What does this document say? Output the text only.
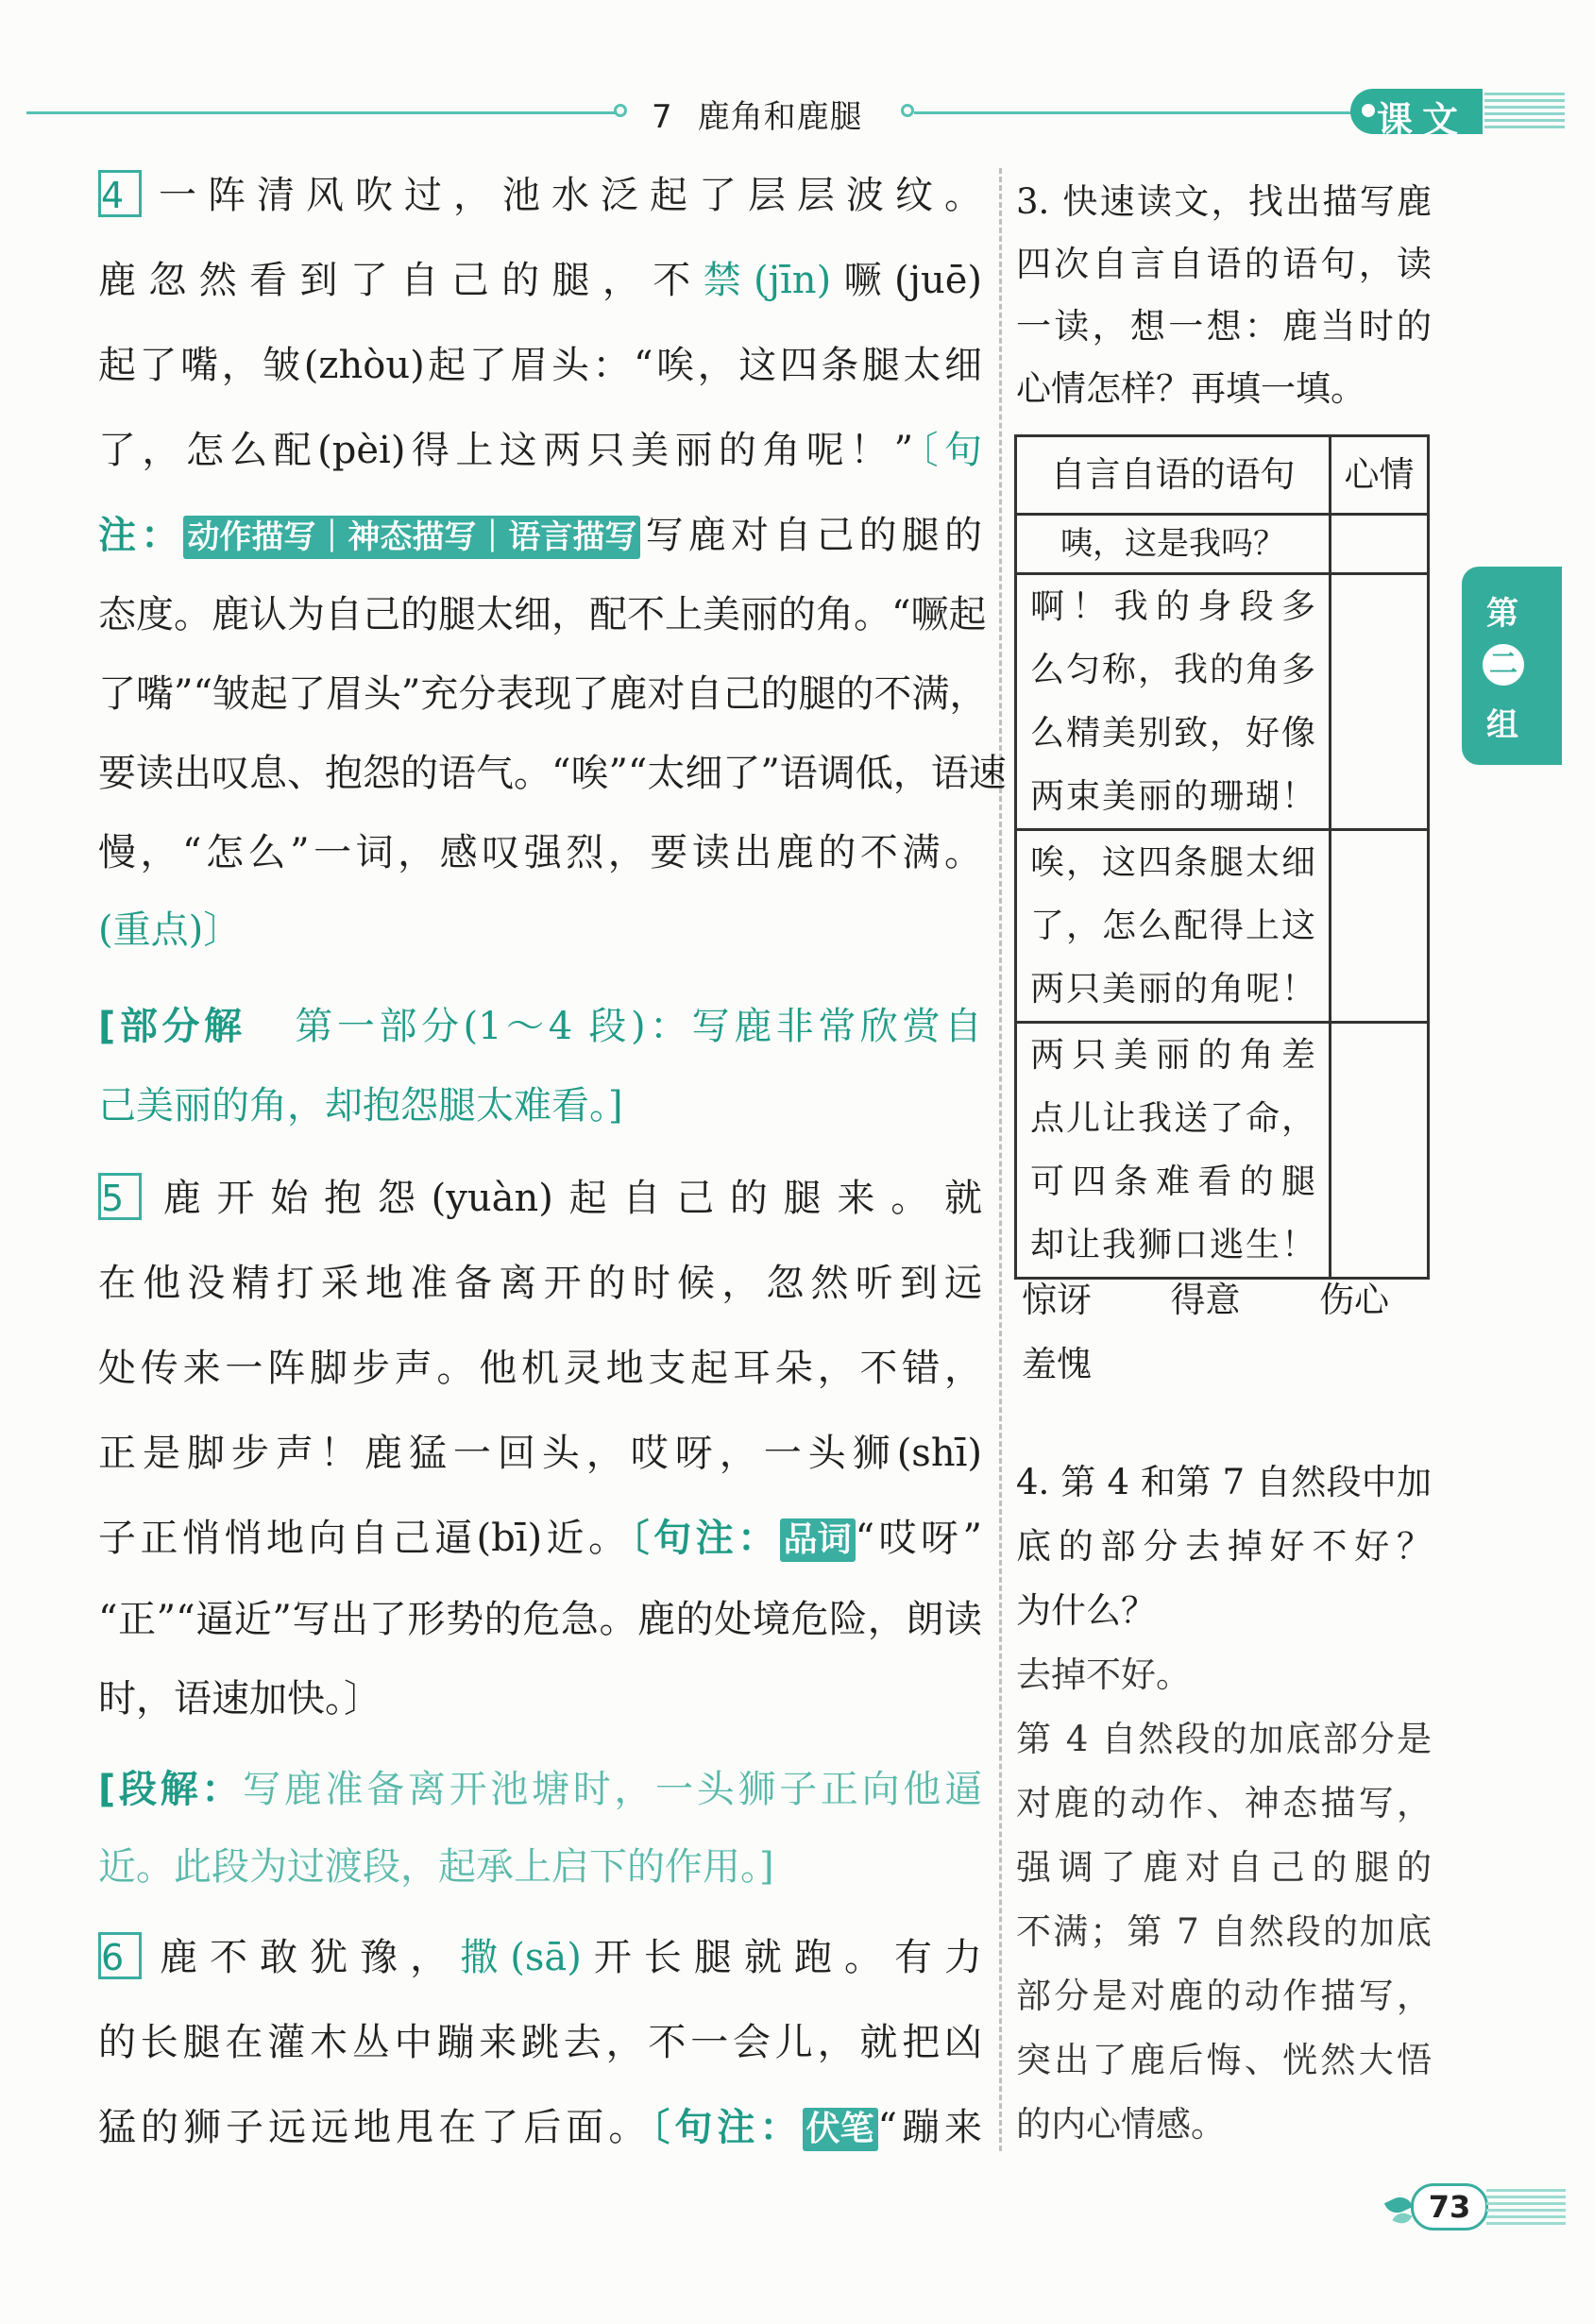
7 鹿角和鹿腿	课文
第
二
组
4 一阵清风吹过，池水泛起了层层波纹。
鹿忽然看到了自己的腿，不禁(jīn)噘(juē)
起了嘴，皱(zhòu)起了眉头：“唉，这四条腿太细
了，怎么配(pèi)得上这两只美丽的角呢！”〔句
注： 动作描写｜神态描写｜语言描写 写鹿对自己的腿的
态度。鹿认为自己的腿太细，配不上美丽的角。“噘起
了嘴”“皱起了眉头”充分表现了鹿对自己的腿的不满，
要读出叹息、抱怨的语气。“唉”“太细了”语调低，语速
慢，“怎么”一词，感叹强烈，要读出鹿的不满。
(重点)〕
[部分解 第一部分(1～4 段)：写鹿非常欣赏自
己美丽的角，却抱怨腿太难看。]
5 鹿开始抱怨(yuàn)起自己的腿来。就
在他没精打采地准备离开的时候，忽然听到远
处传来一阵脚步声。他机灵地支起耳朵，不错，
正是脚步声！鹿猛一回头，哎呀，一头狮(shī)
子正悄悄地向自己逼(bī)近。〔句注： 品词 “哎呀”
“正”“逼近”写出了形势的危急。鹿的处境危险，朗读
时，语速加快。〕
[段解：写鹿准备离开池塘时，一头狮子正向他逼
近。此段为过渡段，起承上启下的作用。]
6 鹿不敢犹豫，撒(sā)开长腿就跑。有力
的长腿在灌木丛中蹦来跳去，不一会儿，就把凶
猛的狮子远远地甩在了后面。〔句注： 伏笔 “蹦来
3. 快速读文，找出描写鹿
四次自言自语的语句，读
一读，想一想：鹿当时的
心情怎样？再填一填。
自言自语的语句	心情
咦，这是我吗？	

啊！我的身段多
么匀称，我的角多
么精美别致，好像
两束美丽的珊瑚！	

唉，这四条腿太细
了，怎么配得上这
两只美丽的角呢！	

两只美丽的角差
点儿让我送了命，
可四条难看的腿
却让我狮口逃生！	

惊讶  得意  伤心
羞愧
4. 第 4 和第 7 自然段中加
底的部分去掉好不好？
为什么？
去掉不好。
第 4 自然段的加底部分是
对鹿的动作、神态描写，
强调了鹿对自己的腿的
不满；第 7 自然段的加底
部分是对鹿的动作描写，
突出了鹿后悔、恍然大悟
的内心情感。
73
